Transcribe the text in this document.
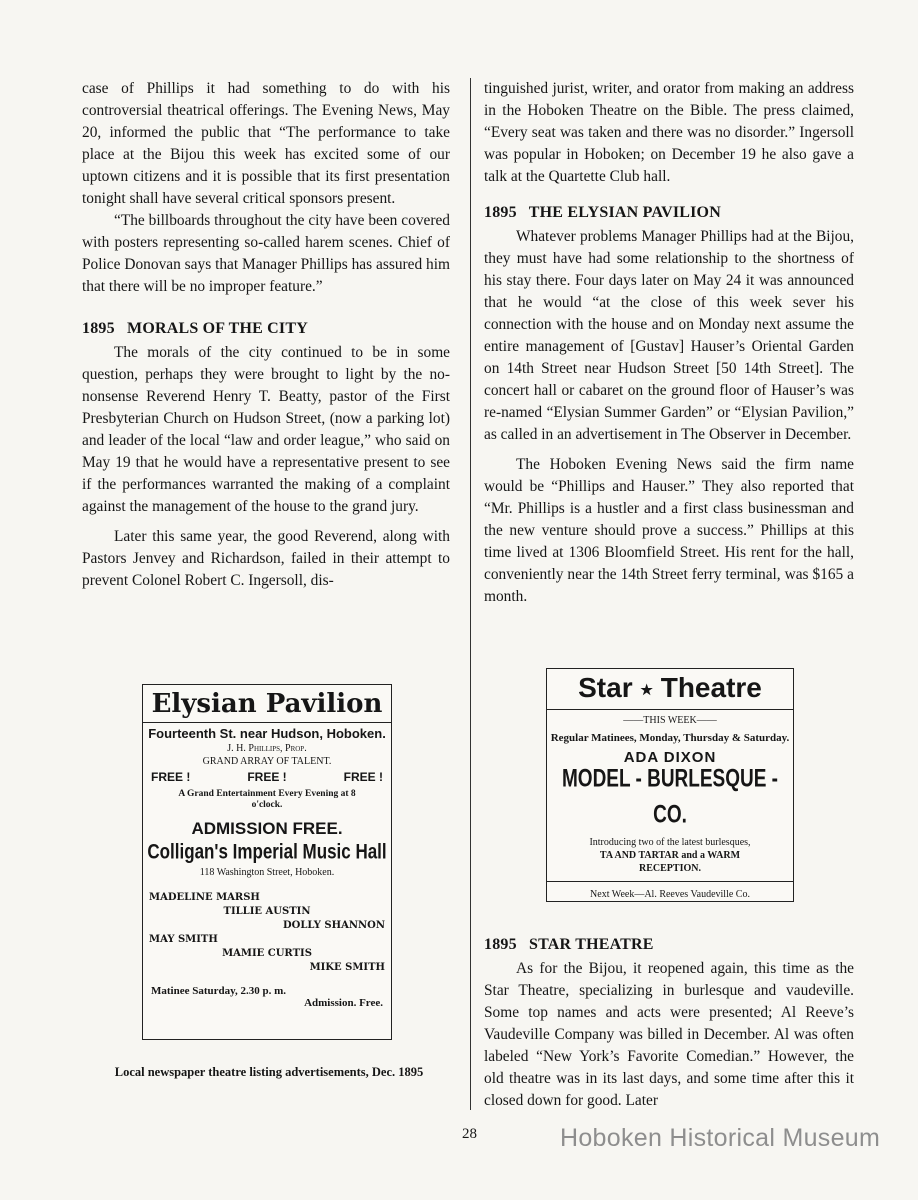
case of Phillips it had something to do with his controversial theatrical offerings. The Evening News, May 20, informed the public that “The performance to take place at the Bijou this week has excited some of our uptown citizens and it is possible that its first presentation tonight shall have several critical sponsors present.

“The billboards throughout the city have been covered with posters representing so-called harem scenes. Chief of Police Donovan says that Manager Phillips has assured him that there will be no improper feature.”

1895 MORALS OF THE CITY

The morals of the city continued to be in some question, perhaps they were brought to light by the no-nonsense Reverend Henry T. Beatty, pastor of the First Presbyterian Church on Hudson Street, (now a parking lot) and leader of the local “law and order league,” who said on May 19 that he would have a representative present to see if the performances warranted the making of a complaint against the management of the house to the grand jury.

Later this same year, the good Reverend, along with Pastors Jenvey and Richardson, failed in their attempt to prevent Colonel Robert C. Ingersoll, dis-

tinguished jurist, writer, and orator from making an address in the Hoboken Theatre on the Bible. The press claimed, “Every seat was taken and there was no disorder.” Ingersoll was popular in Hoboken; on December 19 he also gave a talk at the Quartette Club hall.

1895 THE ELYSIAN PAVILION

Whatever problems Manager Phillips had at the Bijou, they must have had some relationship to the shortness of his stay there. Four days later on May 24 it was announced that he would “at the close of this week sever his connection with the house and on Monday next assume the entire management of [Gustav] Hauser’s Oriental Garden on 14th Street near Hudson Street [50 14th Street]. The concert hall or cabaret on the ground floor of Hauser’s was re-named “Elysian Summer Garden” or “Elysian Pavilion,” as called in an advertisement in The Observer in December.

The Hoboken Evening News said the firm name would be “Phillips and Hauser.” They also reported that “Mr. Phillips is a hustler and a first class businessman and the new venture should prove a success.” Phillips at this time lived at 1306 Bloomfield Street. His rent for the hall, conveniently near the 14th Street ferry terminal, was $165 a month.

1895 STAR THEATRE

As for the Bijou, it reopened again, this time as the Star Theatre, specializing in burlesque and vaudeville. Some top names and acts were presented; Al Reeve’s Vaudeville Company was billed in December. Al was often labeled “New York’s Favorite Comedian.” However, the old theatre was in its last days, and some time after this it closed down for good. Later

Elysian Pavilion

Fourteenth St. near Hudson, Hoboken.

J. H. Phillips, Prop.

GRAND ARRAY OF TALENT.

FREE !	FREE !	FREE !

A Grand Entertainment Every Evening at 8 o'clock.

ADMISSION FREE.

Colligan's Imperial Music Hall

118 Washington Street, Hoboken.

MADELINE MARSH
TILLIE AUSTIN
DOLLY SHANNON
MAY SMITH
MAMIE CURTIS
MIKE SMITH

Matinee Saturday, 2.30 p. m.

Admission. Free.

Local newspaper theatre listing advertisements, Dec. 1895

Star ★ Theatre

——THIS WEEK——

Regular Matinees, Monday, Thursday & Saturday.

ADA DIXON

MODEL - BURLESQUE - CO.

Introducing two of the latest burlesques,

TA AND TARTAR and a WARM

RECEPTION.

Next Week—Al. Reeves Vaudeville Co.

28	Hoboken Historical Museum
